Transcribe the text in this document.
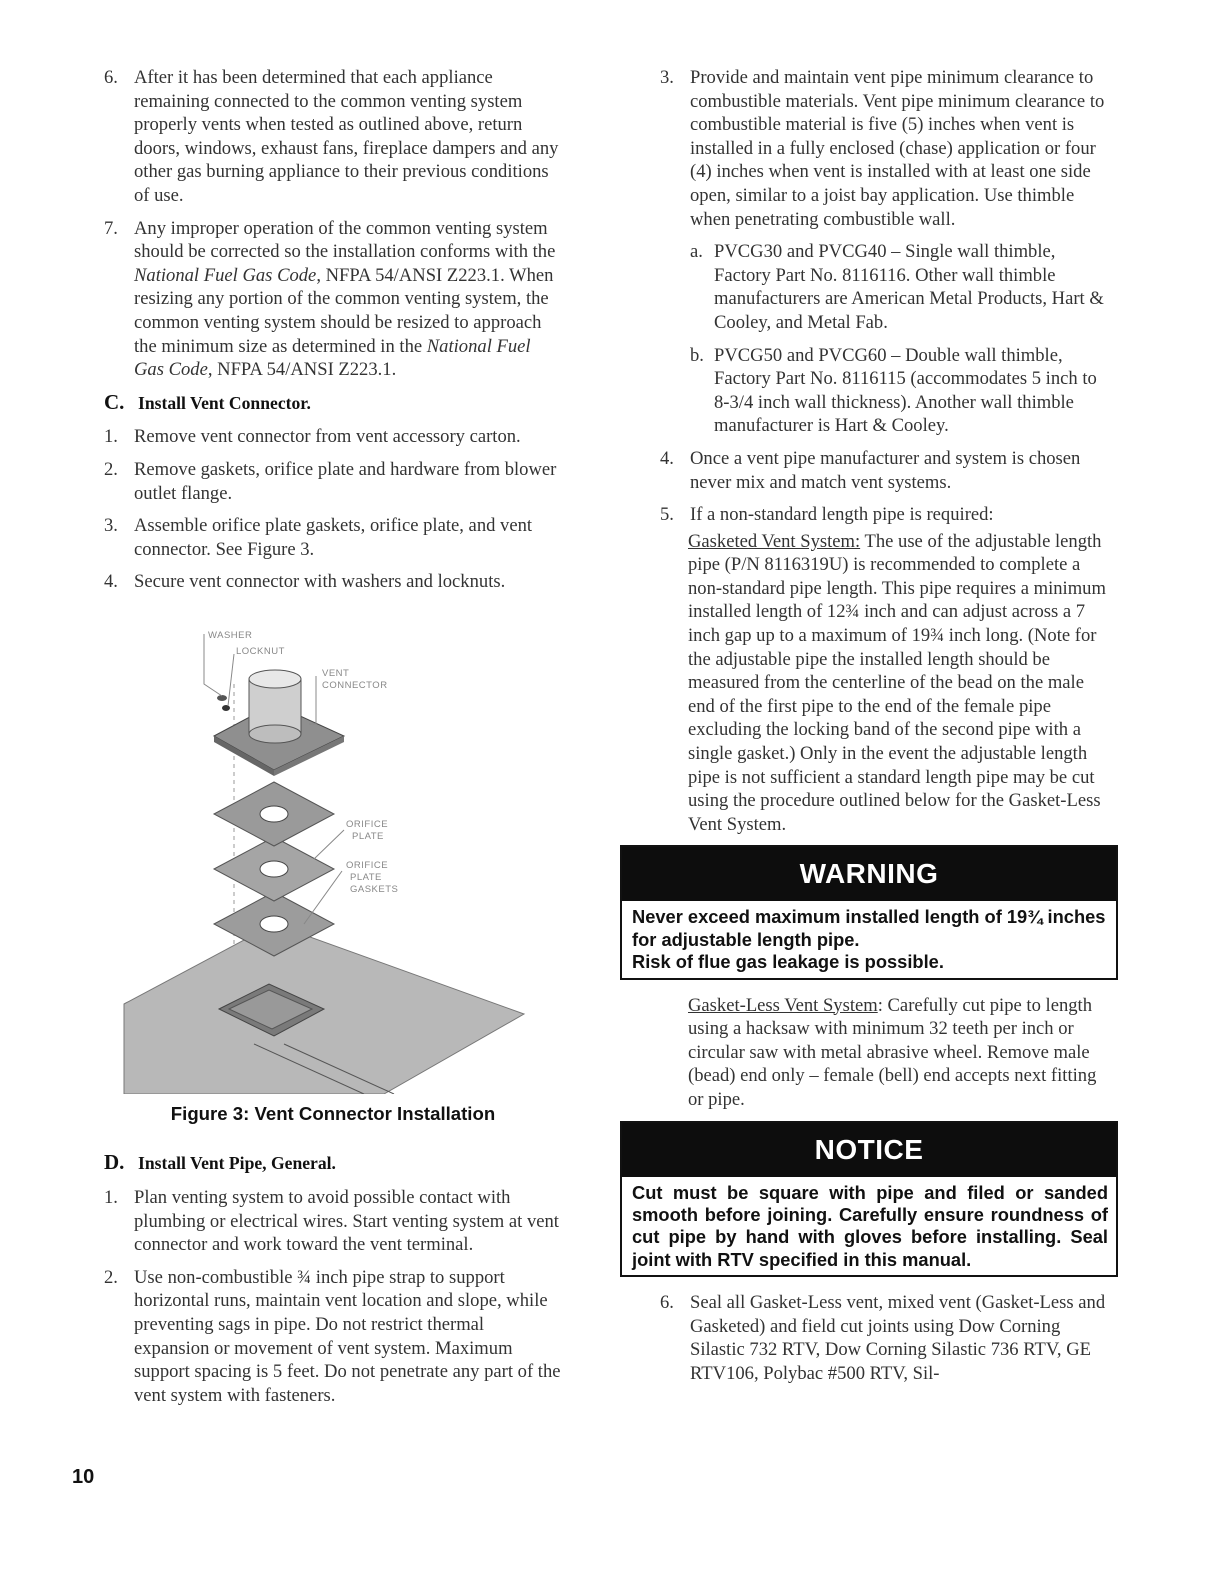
6. After it has been determined that each appliance remaining connected to the common venting system properly vents when tested as outlined above, return doors, windows, exhaust fans, fireplace dampers and any other gas burning appliance to their previous conditions of use.
7. Any improper operation of the common venting system should be corrected so the installation conforms with the National Fuel Gas Code, NFPA 54/ANSI Z223.1. When resizing any portion of the common venting system, the common venting system should be resized to approach the minimum size as determined in the National Fuel Gas Code, NFPA 54/ANSI Z223.1.
C. Install Vent Connector.
1. Remove vent connector from vent accessory carton.
2. Remove gaskets, orifice plate and hardware from blower outlet flange.
3. Assemble orifice plate gaskets, orifice plate, and vent connector. See Figure 3.
4. Secure vent connector with washers and locknuts.
WASHER
LOCKNUT
VENT
CONNECTOR
ORIFICE
PLATE
ORIFICE
PLATE
GASKETS
Figure 3: Vent Connector Installation
D. Install Vent Pipe, General.
1. Plan venting system to avoid possible contact with plumbing or electrical wires. Start venting system at vent connector and work toward the vent terminal.
2. Use non-combustible ¾ inch pipe strap to support horizontal runs, maintain vent location and slope, while preventing sags in pipe. Do not restrict thermal expansion or movement of vent system. Maximum support spacing is 5 feet. Do not penetrate any part of the vent system with fasteners.
3. Provide and maintain vent pipe minimum clearance to combustible materials. Vent pipe minimum clearance to combustible material is five (5) inches when vent is installed in a fully enclosed (chase) application or four (4) inches when vent is installed with at least one side open, similar to a joist bay application. Use thimble when penetrating combustible wall.
a. PVCG30 and PVCG40 – Single wall thimble, Factory Part No. 8116116. Other wall thimble manufacturers are American Metal Products, Hart & Cooley, and Metal Fab.
b. PVCG50 and PVCG60 – Double wall thimble, Factory Part No. 8116115 (accommodates 5 inch to 8-3/4 inch wall thickness). Another wall thimble manufacturer is Hart & Cooley.
4. Once a vent pipe manufacturer and system is chosen never mix and match vent systems.
5. If a non-standard length pipe is required:
Gasketed Vent System: The use of the adjustable length pipe (P/N 8116319U) is recommended to complete a non-standard pipe length. This pipe requires a minimum installed length of 12¾ inch and can adjust across a 7 inch gap up to a maximum of 19¾ inch long. (Note for the adjustable pipe the installed length should be measured from the centerline of the bead on the male end of the first pipe to the end of the female pipe excluding the locking band of the second pipe with a single gasket.) Only in the event the adjustable length pipe is not sufficient a standard length pipe may be cut using the procedure outlined below for the Gasket-Less Vent System.
WARNING
Never exceed maximum installed length of 19¾ inches for adjustable length pipe.
Risk of flue gas leakage is possible.
Gasket-Less Vent System: Carefully cut pipe to length using a hacksaw with minimum 32 teeth per inch or circular saw with metal abrasive wheel. Remove male (bead) end only – female (bell) end accepts next fitting or pipe.
NOTICE
Cut must be square with pipe and filed or sanded smooth before joining. Carefully ensure roundness of cut pipe by hand with gloves before installing. Seal joint with RTV specified in this manual.
6. Seal all Gasket-Less vent, mixed vent (Gasket-Less and Gasketed) and field cut joints using Dow Corning Silastic 732 RTV, Dow Corning Silastic 736 RTV, GE RTV106, Polybac #500 RTV, Sil-
10
